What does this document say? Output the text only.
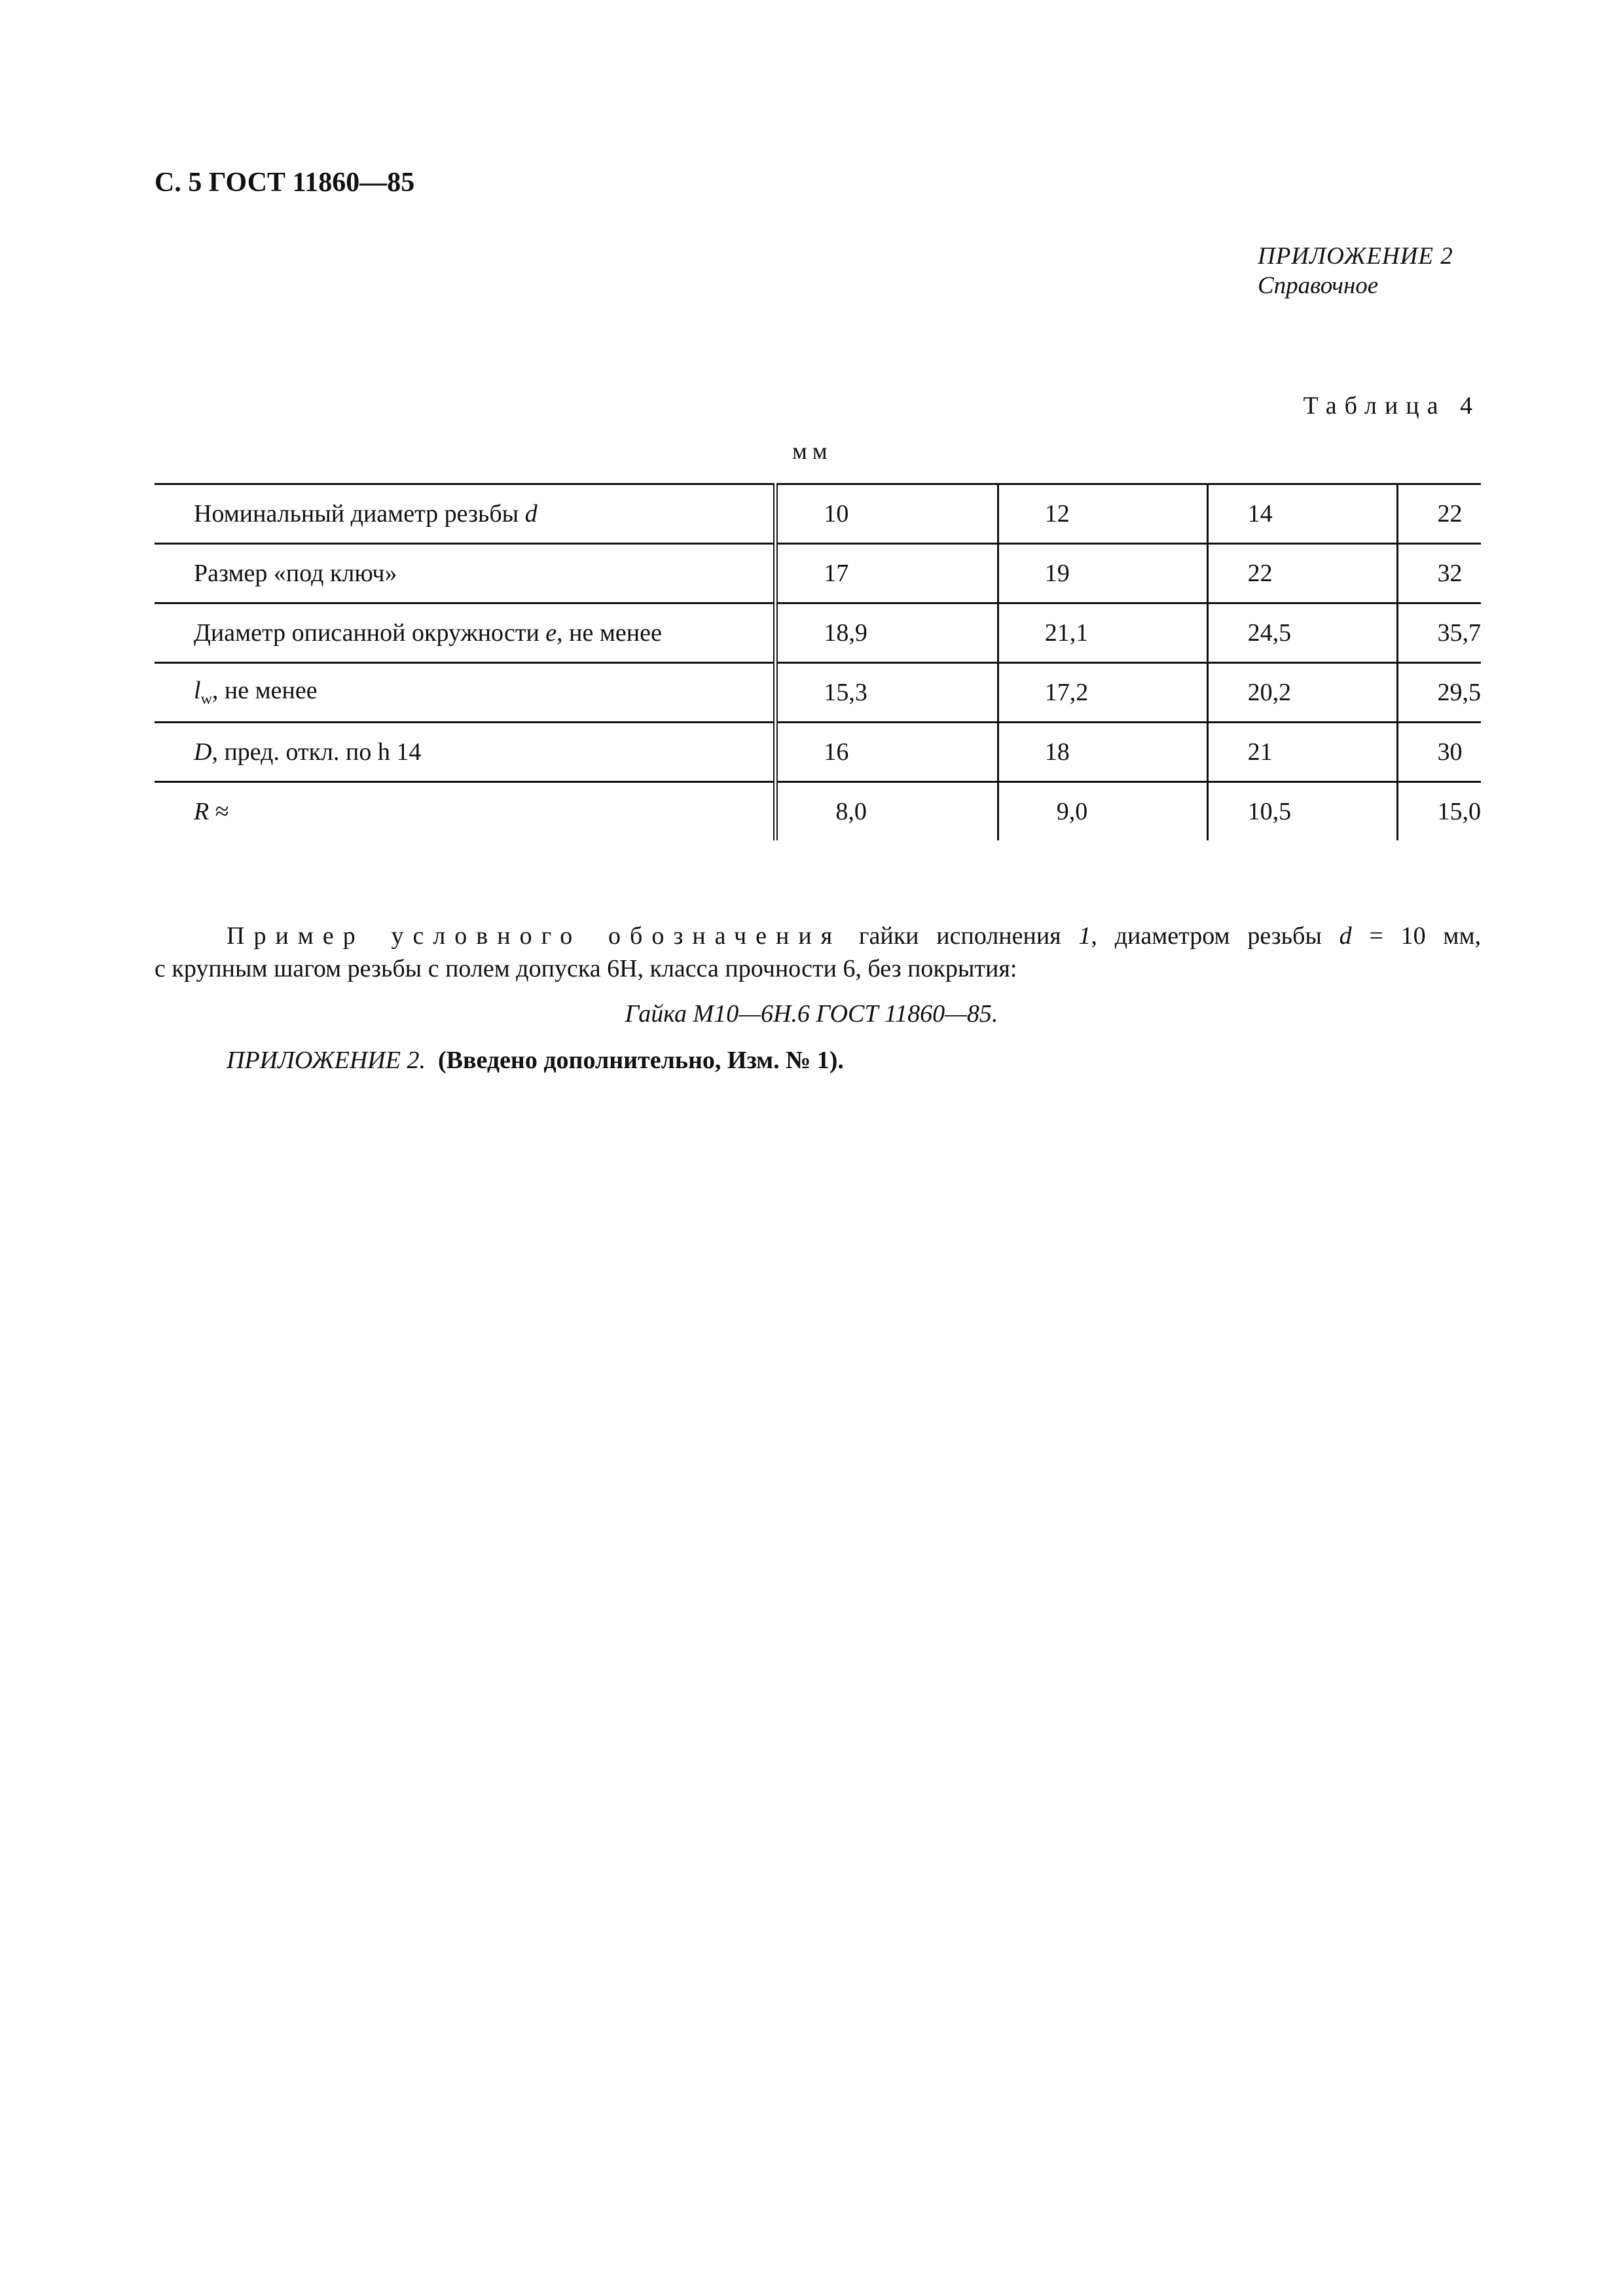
С. 5 ГОСТ 11860—85
ПРИЛОЖЕНИЕ 2
Справочное
Таблица 4
мм
Номинальный диаметр резьбы d	10	12	14	22
Размер «под ключ»	17	19	22	32
Диаметр описанной окружности e, не менее	18,9	21,1	24,5	35,7
$l_w$, не менее	15,3	17,2	20,2	29,5
D, пред. откл. по h 14	16	18	21	30
R ≈	8,0	9,0	10,5	15,0
Пример условного обозначения гайки исполнения 1, диаметром резьбы d = 10 мм,
с крупным шагом резьбы с полем допуска 6Н, класса прочности 6, без покрытия:
Гайка М10—6Н.6 ГОСТ 11860—85.
ПРИЛОЖЕНИЕ 2. (Введено дополнительно, Изм. № 1).
